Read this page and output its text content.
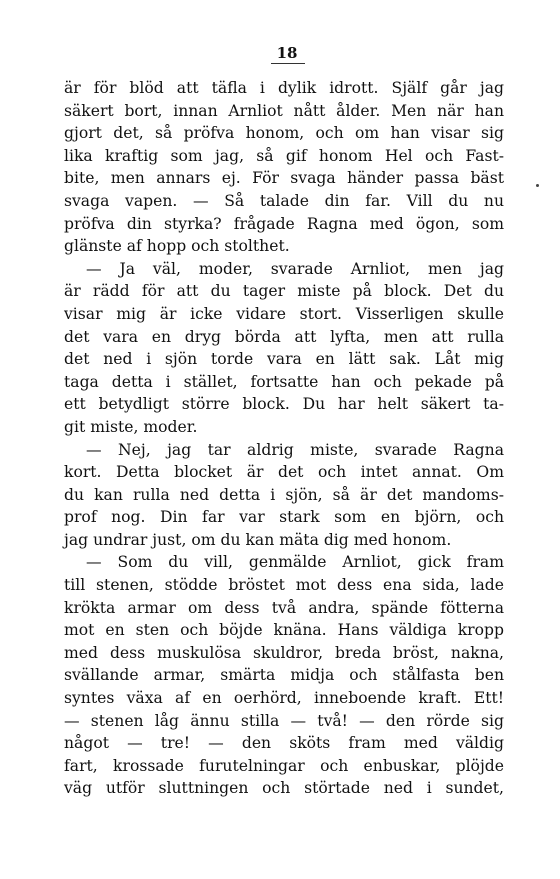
18
är för blöd att täfla i dylik idrott. Själf går jag
säkert bort, innan Arnliot nått ålder. Men när han
gjort det, så pröfva honom, och om han visar sig
lika kraftig som jag, så gif honom Hel och Fast-
bite, men annars ej. För svaga händer passa bäst
svaga vapen. — Så talade din far. Vill du nu
pröfva din styrka? frågade Ragna med ögon, som
glänste af hopp och stolthet.
— Ja väl, moder, svarade Arnliot, men jag
är rädd för att du tager miste på block. Det du
visar mig är icke vidare stort. Visserligen skulle
det vara en dryg börda att lyfta, men att rulla
det ned i sjön torde vara en lätt sak. Låt mig
taga detta i stället, fortsatte han och pekade på
ett betydligt större block. Du har helt säkert ta-
git miste, moder.
— Nej, jag tar aldrig miste, svarade Ragna
kort. Detta blocket är det och intet annat. Om
du kan rulla ned detta i sjön, så är det mandoms-
prof nog. Din far var stark som en björn, och
jag undrar just, om du kan mäta dig med honom.
— Som du vill, genmälde Arnliot, gick fram
till stenen, stödde bröstet mot dess ena sida, lade
krökta armar om dess två andra, spände fötterna
mot en sten och böjde knäna. Hans väldiga kropp
med dess muskulösa skuldror, breda bröst, nakna,
svällande armar, smärta midja och stålfasta ben
syntes växa af en oerhörd, inneboende kraft. Ett!
— stenen låg ännu stilla — två! — den rörde sig
något — tre! — den sköts fram med väldig
fart, krossade furutelningar och enbuskar, plöjde
väg utför sluttningen och störtade ned i sundet,
